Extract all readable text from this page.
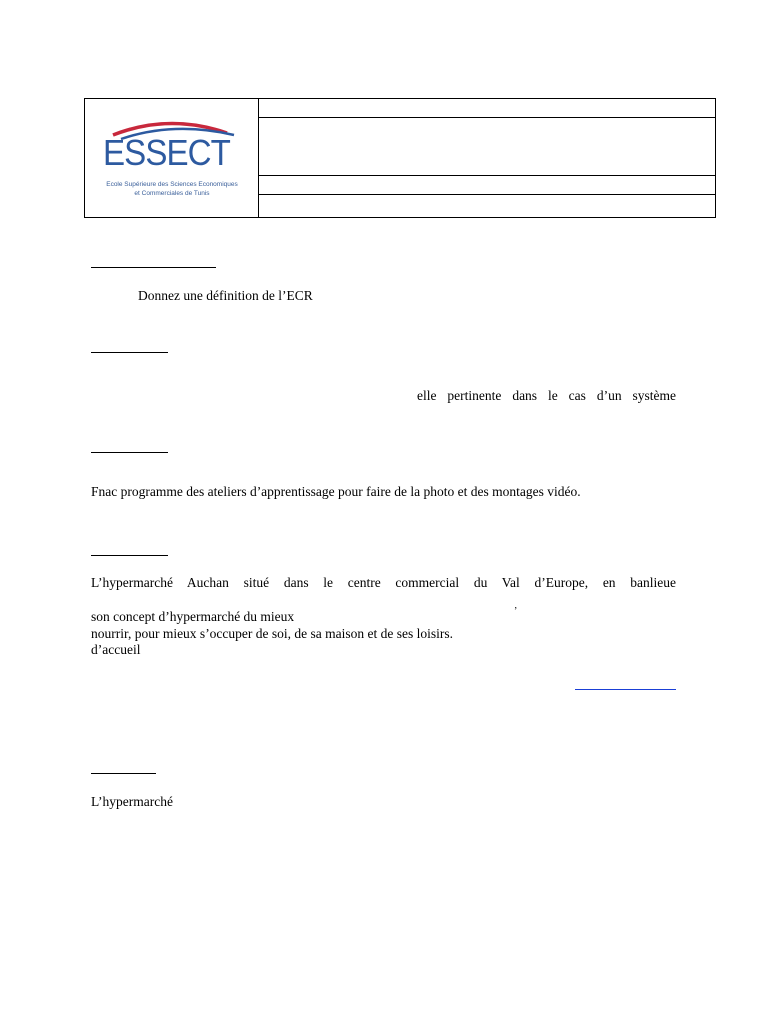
ESSECT
Ecole Supérieure des Sciences Economiques
et Commerciales de Tunis
Donnez une définition de l’ECR
elle pertinente dans le cas d’un système
Fnac programme des ateliers d’apprentissage pour faire de la photo et des montages vidéo.
L’hypermarché Auchan situé dans le centre commercial du Val d’Europe, en banlieue
son concept d’hypermarché du mieux	’
nourrir, pour mieux s’occuper de soi, de sa maison et de ses loisirs.
d’accueil
L’hypermarché
